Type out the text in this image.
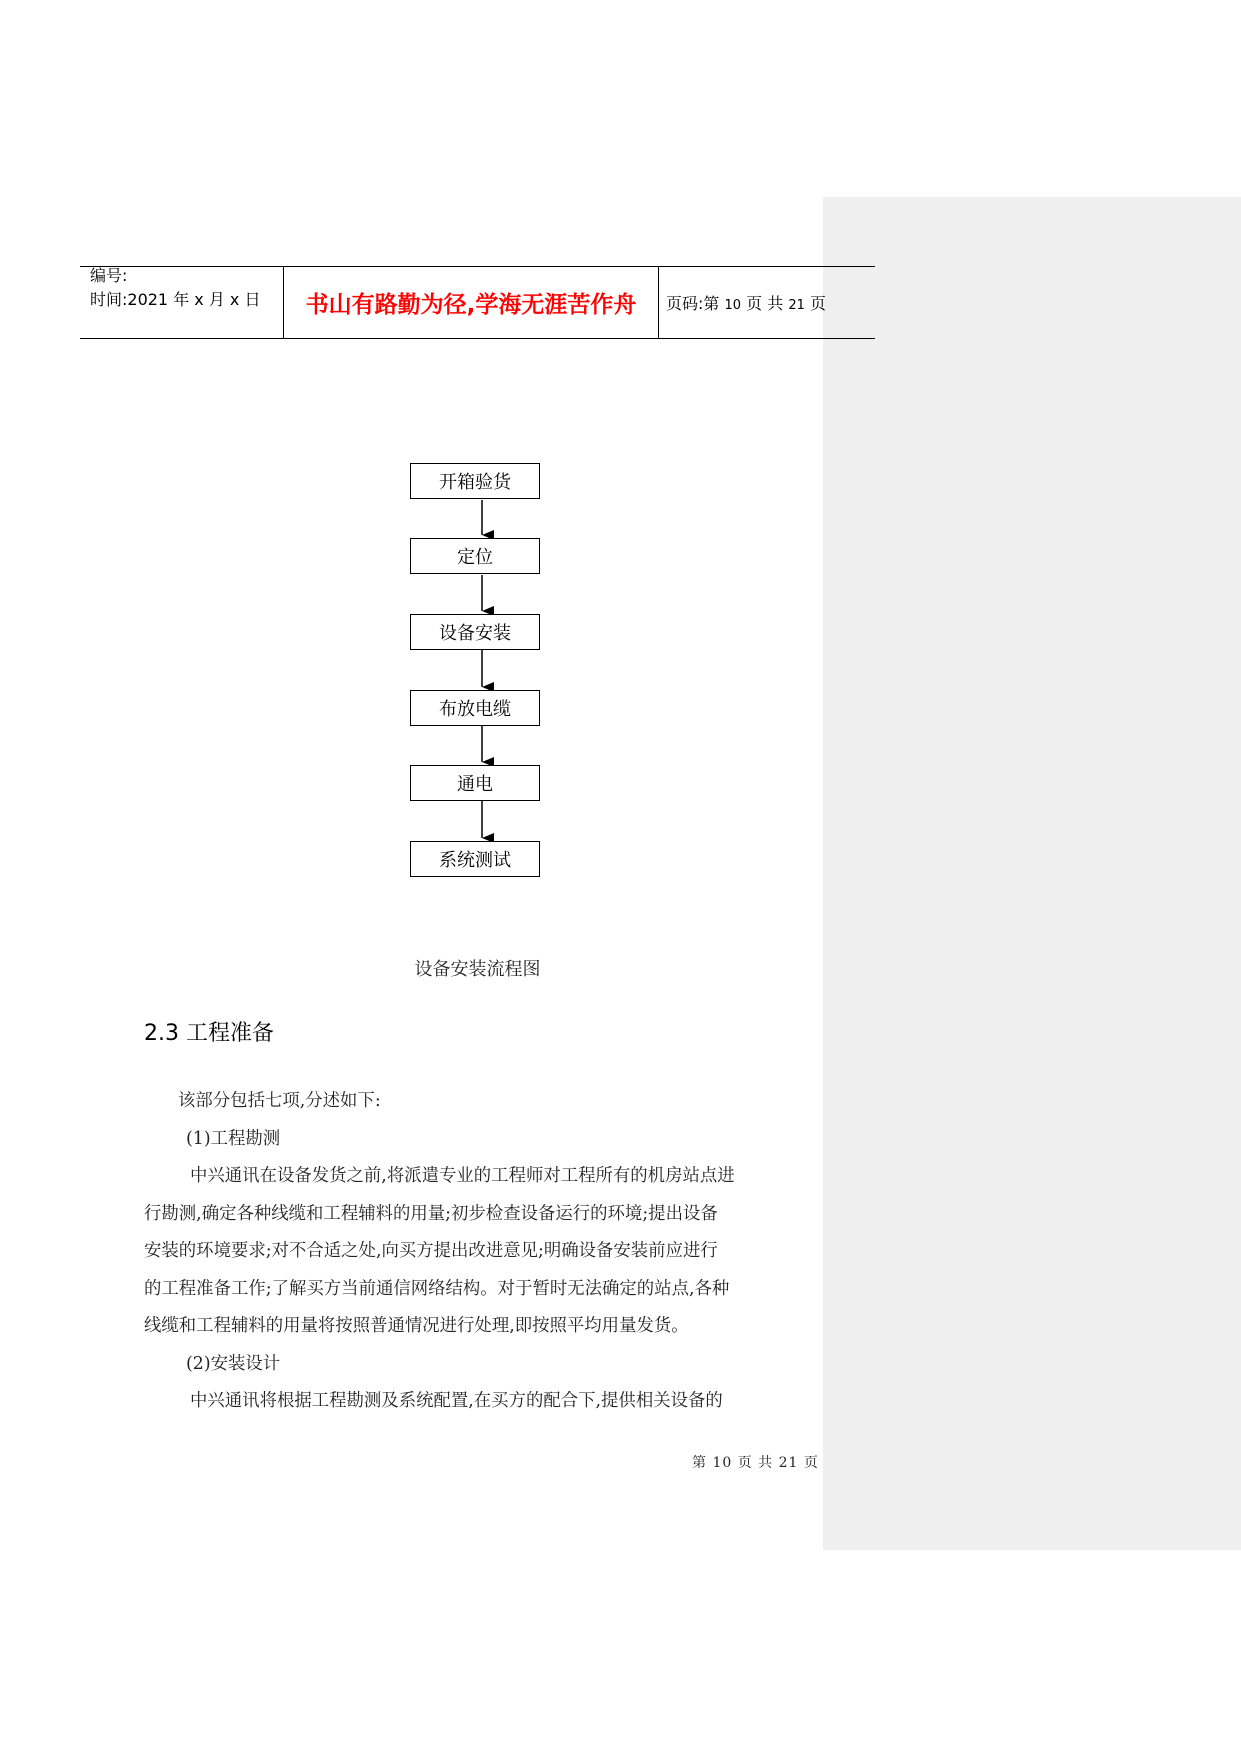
编号:
时间:2021 年 x 月 x 日	书山有路勤为径,学海无涯苦作舟	页码:第 10 页 共 21 页
开箱验货
定位
设备安装
布放电缆
通电
系统测试
设备安装流程图
2.3 工程准备
该部分包括七项,分述如下:
(1)工程勘测
中兴通讯在设备发货之前,将派遣专业的工程师对工程所有的机房站点进
行勘测,确定各种线缆和工程辅料的用量;初步检查设备运行的环境;提出设备
安装的环境要求;对不合适之处,向买方提出改进意见;明确设备安装前应进行
的工程准备工作;了解买方当前通信网络结构。对于暂时无法确定的站点,各种
线缆和工程辅料的用量将按照普通情况进行处理,即按照平均用量发货。
(2)安装设计
中兴通讯将根据工程勘测及系统配置,在买方的配合下,提供相关设备的
第 10 页 共 21 页
